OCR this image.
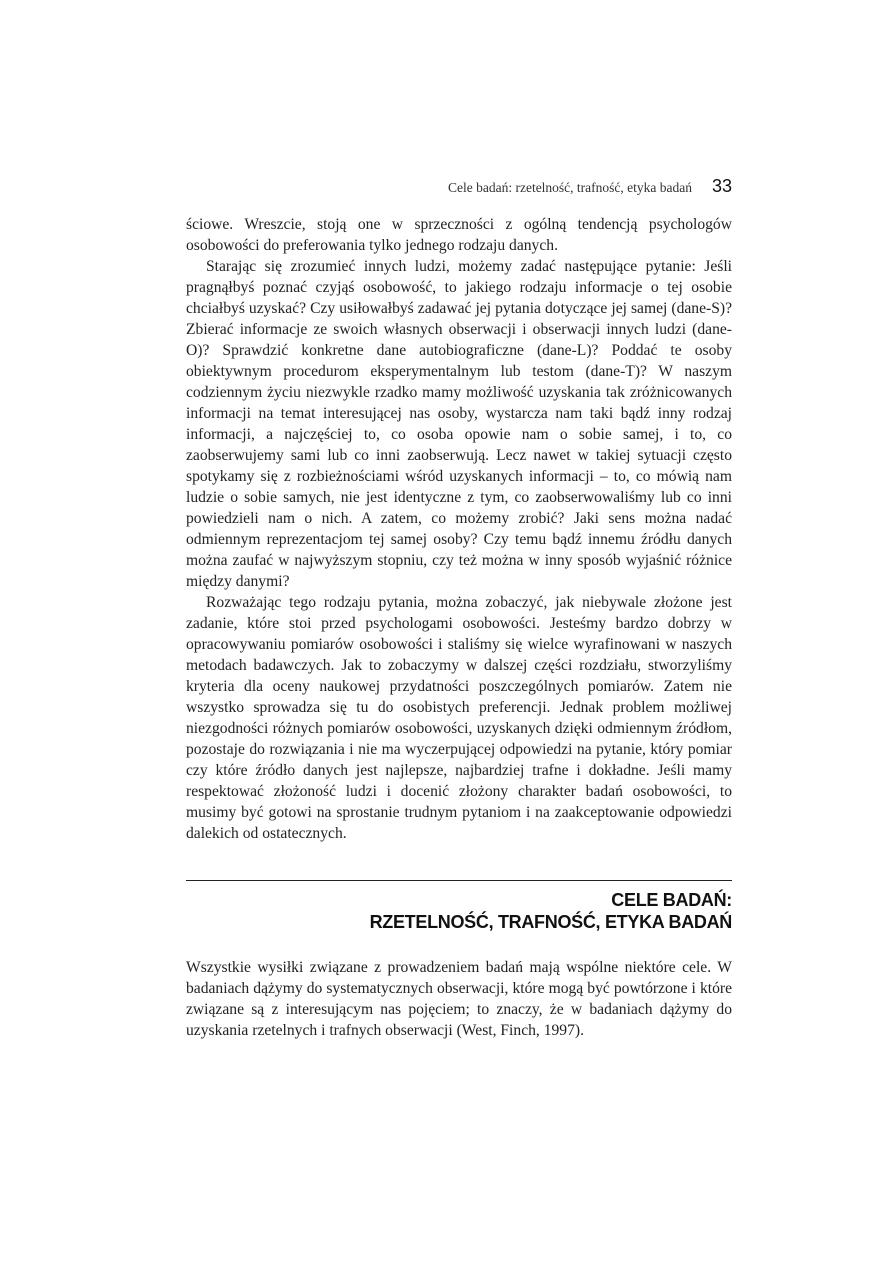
Cele badań: rzetelność, trafność, etyka badań 33

ściowe. Wreszcie, stoją one w sprzeczności z ogólną tendencją psychologów osobowości do preferowania tylko jednego rodzaju danych.

Starając się zrozumieć innych ludzi, możemy zadać następujące pytanie: Jeśli pragnąłbyś poznać czyjąś osobowość, to jakiego rodzaju informacje o tej osobie chciałbyś uzyskać? Czy usiłowałbyś zadawać jej pytania dotyczące jej samej (dane-S)? Zbierać informacje ze swoich własnych obserwacji i obserwacji innych ludzi (dane-O)? Sprawdzić konkretne dane autobiograficzne (dane-L)? Poddać te osoby obiektywnym procedurom eksperymentalnym lub testom (dane-T)? W naszym codziennym życiu niezwykle rzadko mamy możliwość uzyskania tak zróżnicowanych informacji na temat interesującej nas osoby, wystarcza nam taki bądź inny rodzaj informacji, a najczęściej to, co osoba opowie nam o sobie samej, i to, co zaobserwujemy sami lub co inni zaobserwują. Lecz nawet w takiej sytuacji często spotykamy się z rozbieżnościami wśród uzyskanych informacji – to, co mówią nam ludzie o sobie samych, nie jest identyczne z tym, co zaobserwowaliśmy lub co inni powiedzieli nam o nich. A zatem, co możemy zrobić? Jaki sens można nadać odmiennym reprezentacjom tej samej osoby? Czy temu bądź innemu źródłu danych można zaufać w najwyższym stopniu, czy też można w inny sposób wyjaśnić różnice między danymi?

Rozważając tego rodzaju pytania, można zobaczyć, jak niebywale złożone jest zadanie, które stoi przed psychologami osobowości. Jesteśmy bardzo dobrzy w opracowywaniu pomiarów osobowości i staliśmy się wielce wyrafinowani w naszych metodach badawczych. Jak to zobaczymy w dalszej części rozdziału, stworzyliśmy kryteria dla oceny naukowej przydatności poszczególnych pomiarów. Zatem nie wszystko sprowadza się tu do osobistych preferencji. Jednak problem możliwej niezgodności różnych pomiarów osobowości, uzyskanych dzięki odmiennym źródłom, pozostaje do rozwiązania i nie ma wyczerpującej odpowiedzi na pytanie, który pomiar czy które źródło danych jest najlepsze, najbardziej trafne i dokładne. Jeśli mamy respektować złożoność ludzi i docenić złożony charakter badań osobowości, to musimy być gotowi na sprostanie trudnym pytaniom i na zaakceptowanie odpowiedzi dalekich od ostatecznych.

CELE BADAŃ:
RZETELNOŚĆ, TRAFNOŚĆ, ETYKA BADAŃ

Wszystkie wysiłki związane z prowadzeniem badań mają wspólne niektóre cele. W badaniach dążymy do systematycznych obserwacji, które mogą być powtórzone i które związane są z interesującym nas pojęciem; to znaczy, że w badaniach dążymy do uzyskania rzetelnych i trafnych obserwacji (West, Finch, 1997).
